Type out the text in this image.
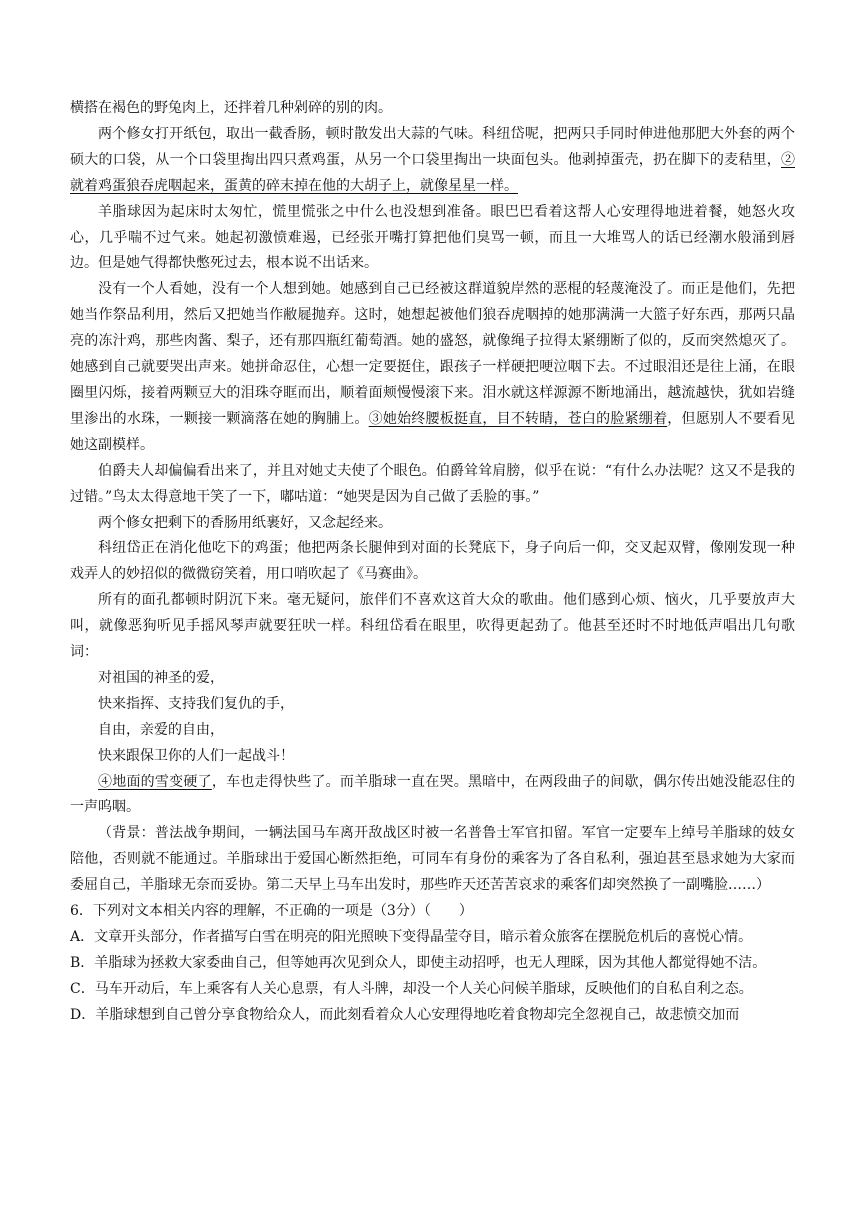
横搭在褐色的野兔肉上，还拌着几种剁碎的别的肉。

两个修女打开纸包，取出一截香肠，顿时散发出大蒜的气味。科纽岱呢，把两只手同时伸进他那肥大外套的两个硕大的口袋，从一个口袋里掏出四只煮鸡蛋，从另一个口袋里掏出一块面包头。他剥掉蛋壳，扔在脚下的麦秸里，②就着鸡蛋狼吞虎咽起来，蛋黄的碎末掉在他的大胡子上，就像星星一样。

羊脂球因为起床时太匆忙，慌里慌张之中什么也没想到准备。眼巴巴看着这帮人心安理得地进着餐，她怒火攻心，几乎喘不过气来。她起初激愤难遏，已经张开嘴打算把他们臭骂一顿，而且一大堆骂人的话已经潮水般涌到唇边。但是她气得都快憋死过去，根本说不出话来。

没有一个人看她，没有一个人想到她。她感到自己已经被这群道貌岸然的恶棍的轻蔑淹没了。而正是他们，先把她当作祭品利用，然后又把她当作敝屣抛弃。这时，她想起被他们狼吞虎咽掉的她那满满一大篮子好东西，那两只晶亮的冻汁鸡，那些肉酱、梨子，还有那四瓶红葡萄酒。她的盛怒，就像绳子拉得太紧绷断了似的，反而突然熄灭了。她感到自己就要哭出声来。她拼命忍住，心想一定要挺住，跟孩子一样硬把哽泣咽下去。不过眼泪还是往上涌，在眼圈里闪烁，接着两颗豆大的泪珠夺眶而出，顺着面颊慢慢滚下来。泪水就这样源源不断地涌出，越流越快，犹如岩缝里渗出的水珠，一颗接一颗滴落在她的胸脯上。③她始终腰板挺直，目不转睛，苍白的脸紧绷着，但愿别人不要看见她这副模样。

伯爵夫人却偏偏看出来了，并且对她丈夫使了个眼色。伯爵耸耸肩膀，似乎在说：“有什么办法呢？这又不是我的过错。”鸟太太得意地干笑了一下，嘟咕道：“她哭是因为自己做了丢脸的事。”

两个修女把剩下的香肠用纸裹好，又念起经来。

科纽岱正在消化他吃下的鸡蛋；他把两条长腿伸到对面的长凳底下，身子向后一仰，交叉起双臂，像刚发现一种戏弄人的妙招似的微微窃笑着，用口哨吹起了《马赛曲》。

所有的面孔都顿时阴沉下来。毫无疑问，旅伴们不喜欢这首大众的歌曲。他们感到心烦、恼火，几乎要放声大叫，就像恶狗听见手摇风琴声就要狂吠一样。科纽岱看在眼里，吹得更起劲了。他甚至还时不时地低声唱出几句歌词：

对祖国的神圣的爱，

快来指挥、支持我们复仇的手，

自由，亲爱的自由，

快来跟保卫你的人们一起战斗！

④地面的雪变硬了，车也走得快些了。而羊脂球一直在哭。黑暗中，在两段曲子的间歇，偶尔传出她没能忍住的一声呜咽。

（背景：普法战争期间，一辆法国马车离开敌战区时被一名普鲁士军官扣留。军官一定要车上绰号羊脂球的妓女陪他，否则就不能通过。羊脂球出于爱国心断然拒绝，可同车有身份的乘客为了各自私利，强迫甚至恳求她为大家而委屈自己，羊脂球无奈而妥协。第二天早上马车出发时，那些昨天还苦苦哀求的乘客们却突然换了一副嘴脸……）

6．下列对文本相关内容的理解，不正确的一项是（3分）（　　）

A．文章开头部分，作者描写白雪在明亮的阳光照映下变得晶莹夺目，暗示着众旅客在摆脱危机后的喜悦心情。

B．羊脂球为拯救大家委曲自己，但等她再次见到众人，即使主动招呼，也无人理睬，因为其他人都觉得她不洁。

C．马车开动后，车上乘客有人关心息票，有人斗牌，却没一个人关心问候羊脂球，反映他们的自私自利之态。

D．羊脂球想到自己曾分享食物给众人，而此刻看着众人心安理得地吃着食物却完全忽视自己，故悲愤交加而
